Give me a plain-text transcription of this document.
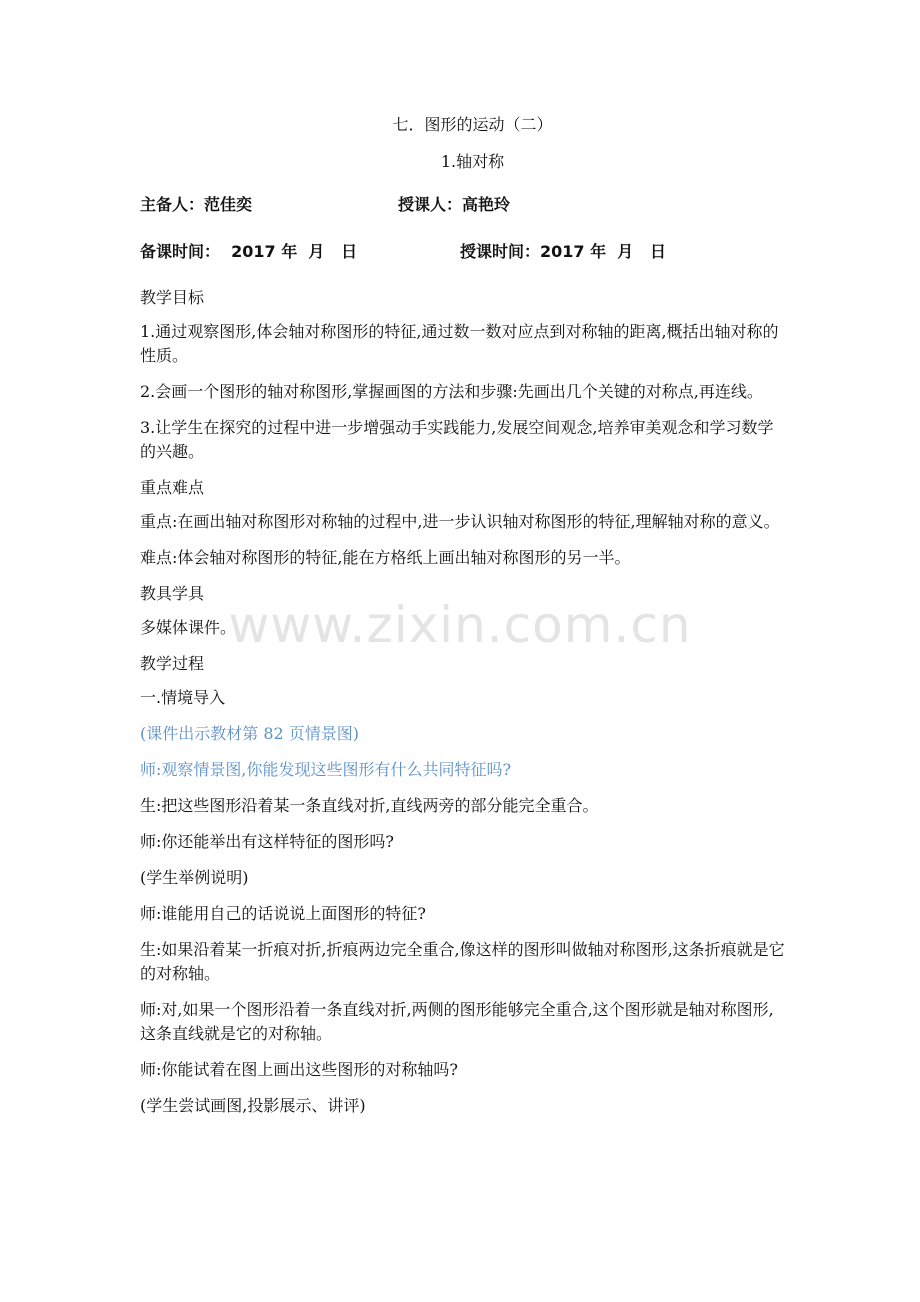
www.zixin.com.cn
七．图形的运动（二）
1.轴对称
主备人：范佳奕	授课人：高艳玲
备课时间：  2017 年  月   日	授课时间：2017 年  月   日
教学目标
1.通过观察图形,体会轴对称图形的特征,通过数一数对应点到对称轴的距离,概括出轴对称的性质。
2.会画一个图形的轴对称图形,掌握画图的方法和步骤:先画出几个关键的对称点,再连线。
3.让学生在探究的过程中进一步增强动手实践能力,发展空间观念,培养审美观念和学习数学的兴趣。
重点难点
重点:在画出轴对称图形对称轴的过程中,进一步认识轴对称图形的特征,理解轴对称的意义。
难点:体会轴对称图形的特征,能在方格纸上画出轴对称图形的另一半。
教具学具
多媒体课件。
教学过程
一.情境导入
(课件出示教材第 82 页情景图)
师:观察情景图,你能发现这些图形有什么共同特征吗?
生:把这些图形沿着某一条直线对折,直线两旁的部分能完全重合。
师:你还能举出有这样特征的图形吗?
(学生举例说明)
师:谁能用自己的话说说上面图形的特征?
生:如果沿着某一折痕对折,折痕两边完全重合,像这样的图形叫做轴对称图形,这条折痕就是它的对称轴。
师:对,如果一个图形沿着一条直线对折,两侧的图形能够完全重合,这个图形就是轴对称图形,这条直线就是它的对称轴。
师:你能试着在图上画出这些图形的对称轴吗?
(学生尝试画图,投影展示、讲评)
